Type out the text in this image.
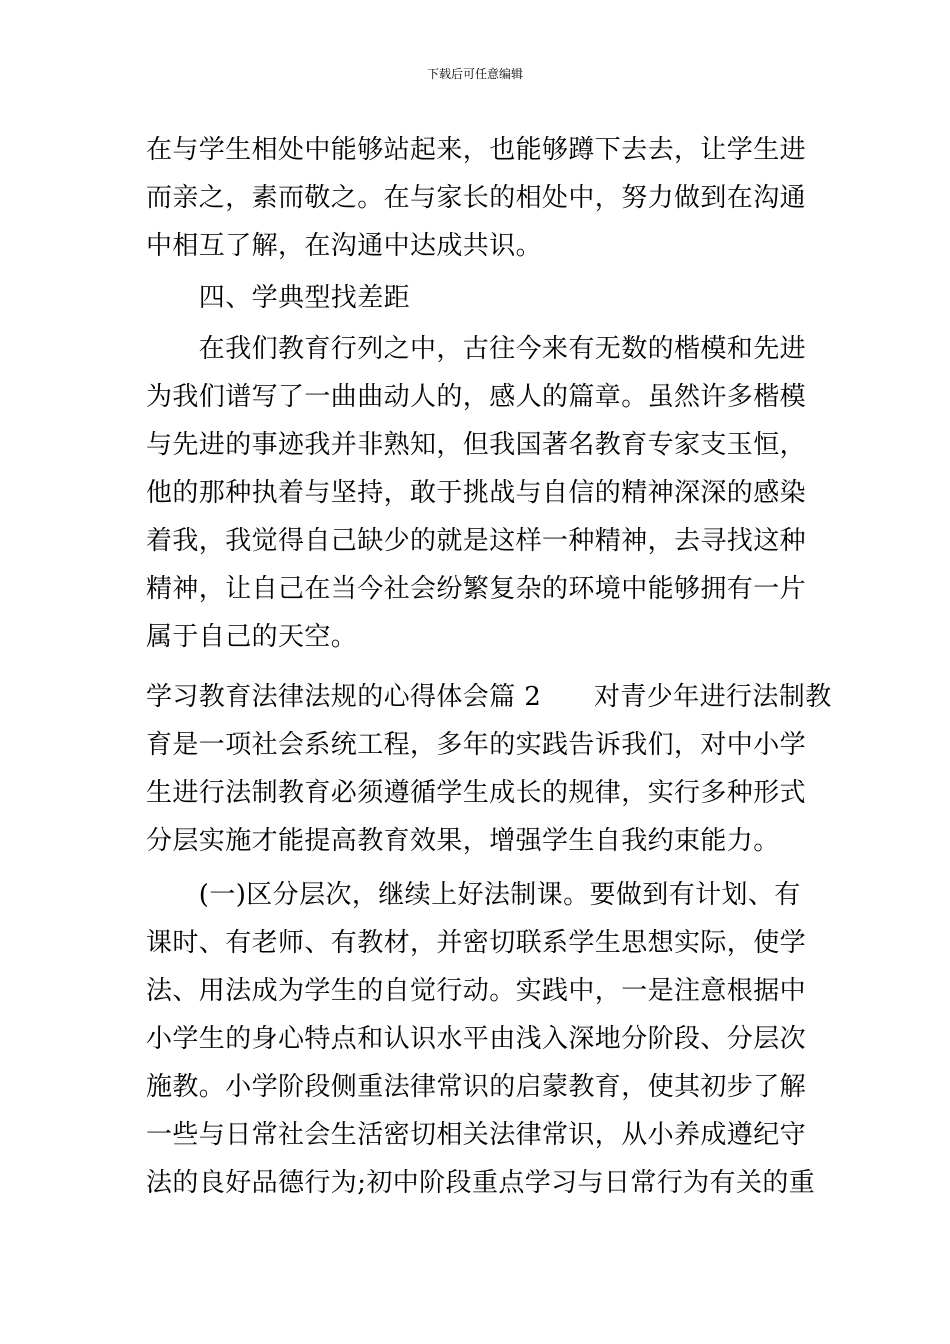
下载后可任意编辑
在与学生相处中能够站起来，也能够蹲下去去，让学生进
而亲之，素而敬之。在与家长的相处中，努力做到在沟通
中相互了解，在沟通中达成共识。
　　四、学典型找差距
　　在我们教育行列之中，古往今来有无数的楷模和先进
为我们谱写了一曲曲动人的，感人的篇章。虽然许多楷模
与先进的事迹我并非熟知，但我国著名教育专家支玉恒，
他的那种执着与坚持，敢于挑战与自信的精神深深的感染
着我，我觉得自己缺少的就是这样一种精神，去寻找这种
精神，让自己在当今社会纷繁复杂的环境中能够拥有一片
属于自己的天空。
学习教育法律法规的心得体会篇 2　　对青少年进行法制教
育是一项社会系统工程，多年的实践告诉我们，对中小学
生进行法制教育必须遵循学生成长的规律，实行多种形式
分层实施才能提高教育效果，增强学生自我约束能力。
　　(一)区分层次，继续上好法制课。要做到有计划、有
课时、有老师、有教材，并密切联系学生思想实际，使学
法、用法成为学生的自觉行动。实践中，一是注意根据中
小学生的身心特点和认识水平由浅入深地分阶段、分层次
施教。小学阶段侧重法律常识的启蒙教育，使其初步了解
一些与日常社会生活密切相关法律常识，从小养成遵纪守
法的良好品德行为;初中阶段重点学习与日常行为有关的重
